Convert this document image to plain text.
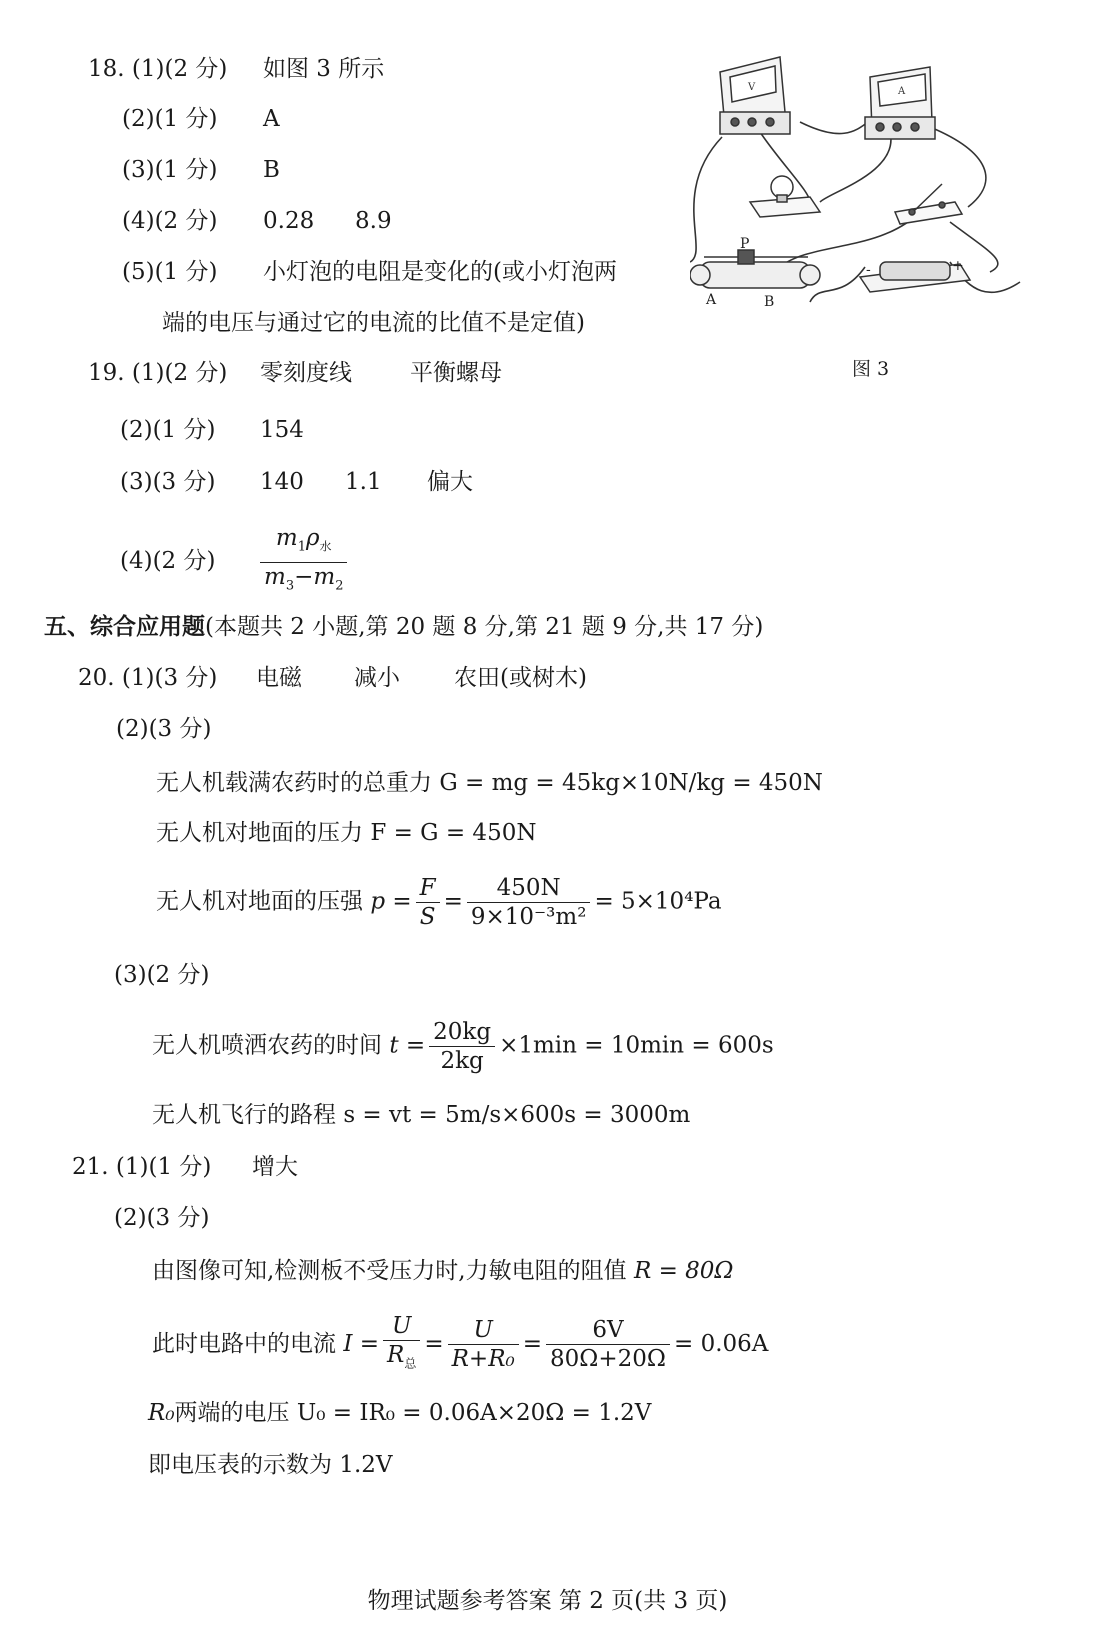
18. (1)(2 分) 如图 3 所示
(2)(1 分) A
(3)(1 分) B
(4)(2 分) 0.28 8.9
(5)(1 分) 小灯泡的电阻是变化的(或小灯泡两
端的电压与通过它的电流的比值不是定值)
V	A
P
A	B
-	+
图 3
19. (1)(2 分) 零刻度线	平衡螺母
(2)(1 分) 154
(3)(3 分) 140 1.1 偏大
(4)(2 分) $\frac{m_1\rho_水}{m_3-m_2}$
五、综合应用题(本题共 2 小题,第 20 题 8 分,第 21 题 9 分,共 17 分)
20. (1)(3 分) 电磁 减小 农田(或树木)
(2)(3 分)
无人机载满农药时的总重力 G = mg = 45kg×10N/kg = 450N
无人机对地面的压力 F = G = 450N
无人机对地面的压强 $p = \frac{F}{S} = \frac{450N}{\text{9×10⁻³m²}} = 5\times 10^4Pa$
(3)(2 分)
无人机喷洒农药的时间 $t = \frac{20kg}{2kg} \times 1\min = 10\min = 600s$
无人机飞行的路程 s = vt = 5m/s×600s = 3000m
21. (1)(1 分) 增大
(2)(3 分)
由图像可知,检测板不受压力时,力敏电阻的阻值 R = 80Ω
此时电路中的电流 $I = \frac{U}{R_总} = \frac{U}{\text{R+R₀}} = \frac{6V}{80\Omega+20\Omega} = 0.06A$
R₀两端的电压 U₀ = IR₀ = 0.06A×20Ω = 1.2V
即电压表的示数为 1.2V
物理试题参考答案 第 2 页(共 3 页)
